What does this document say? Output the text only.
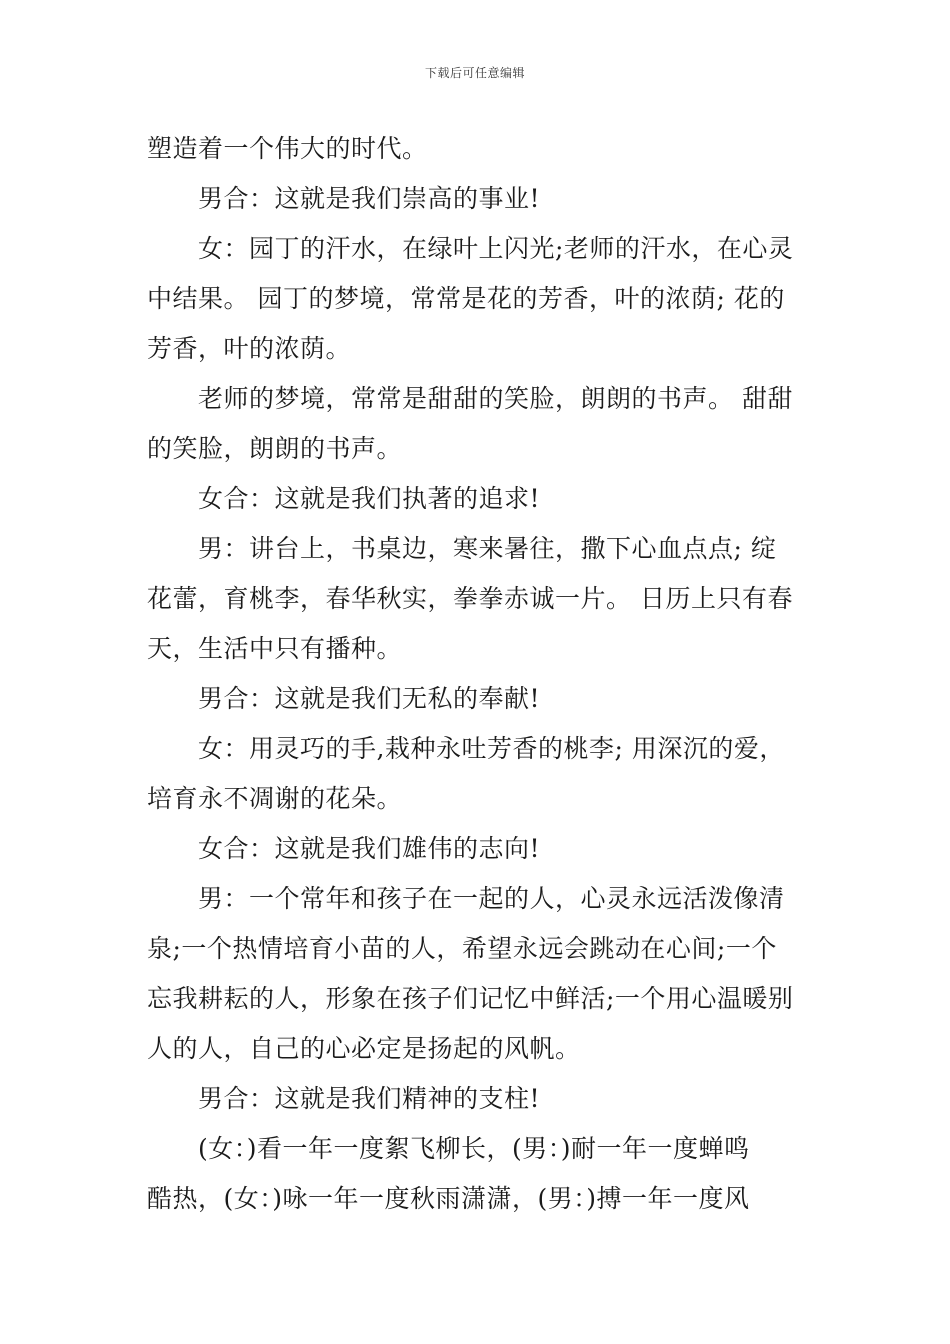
下载后可任意编辑
塑造着一个伟大的时代。
男合：这就是我们崇高的事业!
女：园丁的汗水，在绿叶上闪光;老师的汗水，在心灵
中结果。 园丁的梦境，常常是花的芳香，叶的浓荫; 花的
芳香，叶的浓荫。
老师的梦境，常常是甜甜的笑脸，朗朗的书声。 甜甜
的笑脸，朗朗的书声。
女合：这就是我们执著的追求!
男：讲台上，书桌边，寒来暑往，撒下心血点点; 绽
花蕾，育桃李，春华秋实，拳拳赤诚一片。 日历上只有春
天，生活中只有播种。
男合：这就是我们无私的奉献!
女：用灵巧的手,栽种永吐芳香的桃李; 用深沉的爱，
培育永不凋谢的花朵。
女合：这就是我们雄伟的志向!
男：一个常年和孩子在一起的人，心灵永远活泼像清
泉;一个热情培育小苗的人，希望永远会跳动在心间;一个
忘我耕耘的人，形象在孩子们记忆中鲜活;一个用心温暖别
人的人，自己的心必定是扬起的风帆。
男合：这就是我们精神的支柱!
(女：)看一年一度絮飞柳长，(男：)耐一年一度蝉鸣
酷热，(女：)咏一年一度秋雨潇潇，(男：)搏一年一度风
